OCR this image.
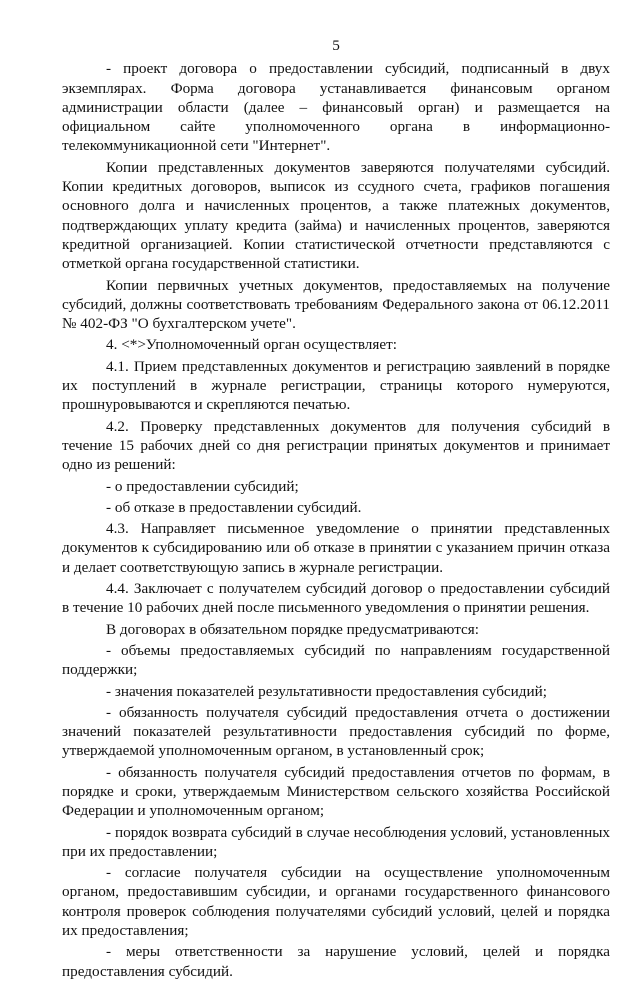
5

- проект договора о предоставлении субсидий, подписанный в двух экземплярах. Форма договора устанавливается финансовым органом администрации области (далее – финансовый орган) и размещается на официальном сайте уполномоченного органа в информационно-телекоммуникационной сети "Интернет".

Копии представленных документов заверяются получателями субсидий. Копии кредитных договоров, выписок из ссудного счета, графиков погашения основного долга и начисленных процентов, а также платежных документов, подтверждающих уплату кредита (займа) и начисленных процентов, заверяются кредитной организацией. Копии статистической отчетности представляются с отметкой органа государственной статистики.

Копии первичных учетных документов, предоставляемых на получение субсидий, должны соответствовать требованиям Федерального закона от 06.12.2011 № 402-ФЗ "О бухгалтерском учете".

4. <*>Уполномоченный орган осуществляет:

4.1. Прием представленных документов и регистрацию заявлений в порядке их поступлений в журнале регистрации, страницы которого нумеруются, прошнуровываются и скрепляются печатью.

4.2. Проверку представленных документов для получения субсидий в течение 15 рабочих дней со дня регистрации принятых документов и принимает одно из решений:

- о предоставлении субсидий;

- об отказе в предоставлении субсидий.

4.3. Направляет письменное уведомление о принятии представленных документов к субсидированию или об отказе в принятии с указанием причин отказа и делает соответствующую запись в журнале регистрации.

4.4. Заключает с получателем субсидий договор о предоставлении субсидий в течение 10 рабочих дней после письменного уведомления о принятии решения.

В договорах в обязательном порядке предусматриваются:

- объемы предоставляемых субсидий по направлениям государственной поддержки;

- значения показателей результативности предоставления субсидий;

- обязанность получателя субсидий предоставления отчета о достижении значений показателей результативности предоставления субсидий по форме, утверждаемой уполномоченным органом, в установленный срок;

- обязанность получателя субсидий предоставления отчетов по формам, в порядке и сроки, утверждаемым Министерством сельского хозяйства Российской Федерации и уполномоченным органом;

- порядок возврата субсидий в случае несоблюдения условий, установленных при их предоставлении;

- согласие получателя субсидии на осуществление уполномоченным органом, предоставившим субсидии, и органами государственного финансового контроля проверок соблюдения получателями субсидий условий, целей и порядка их предоставления;

- меры ответственности за нарушение условий, целей и порядка предоставления субсидий.
